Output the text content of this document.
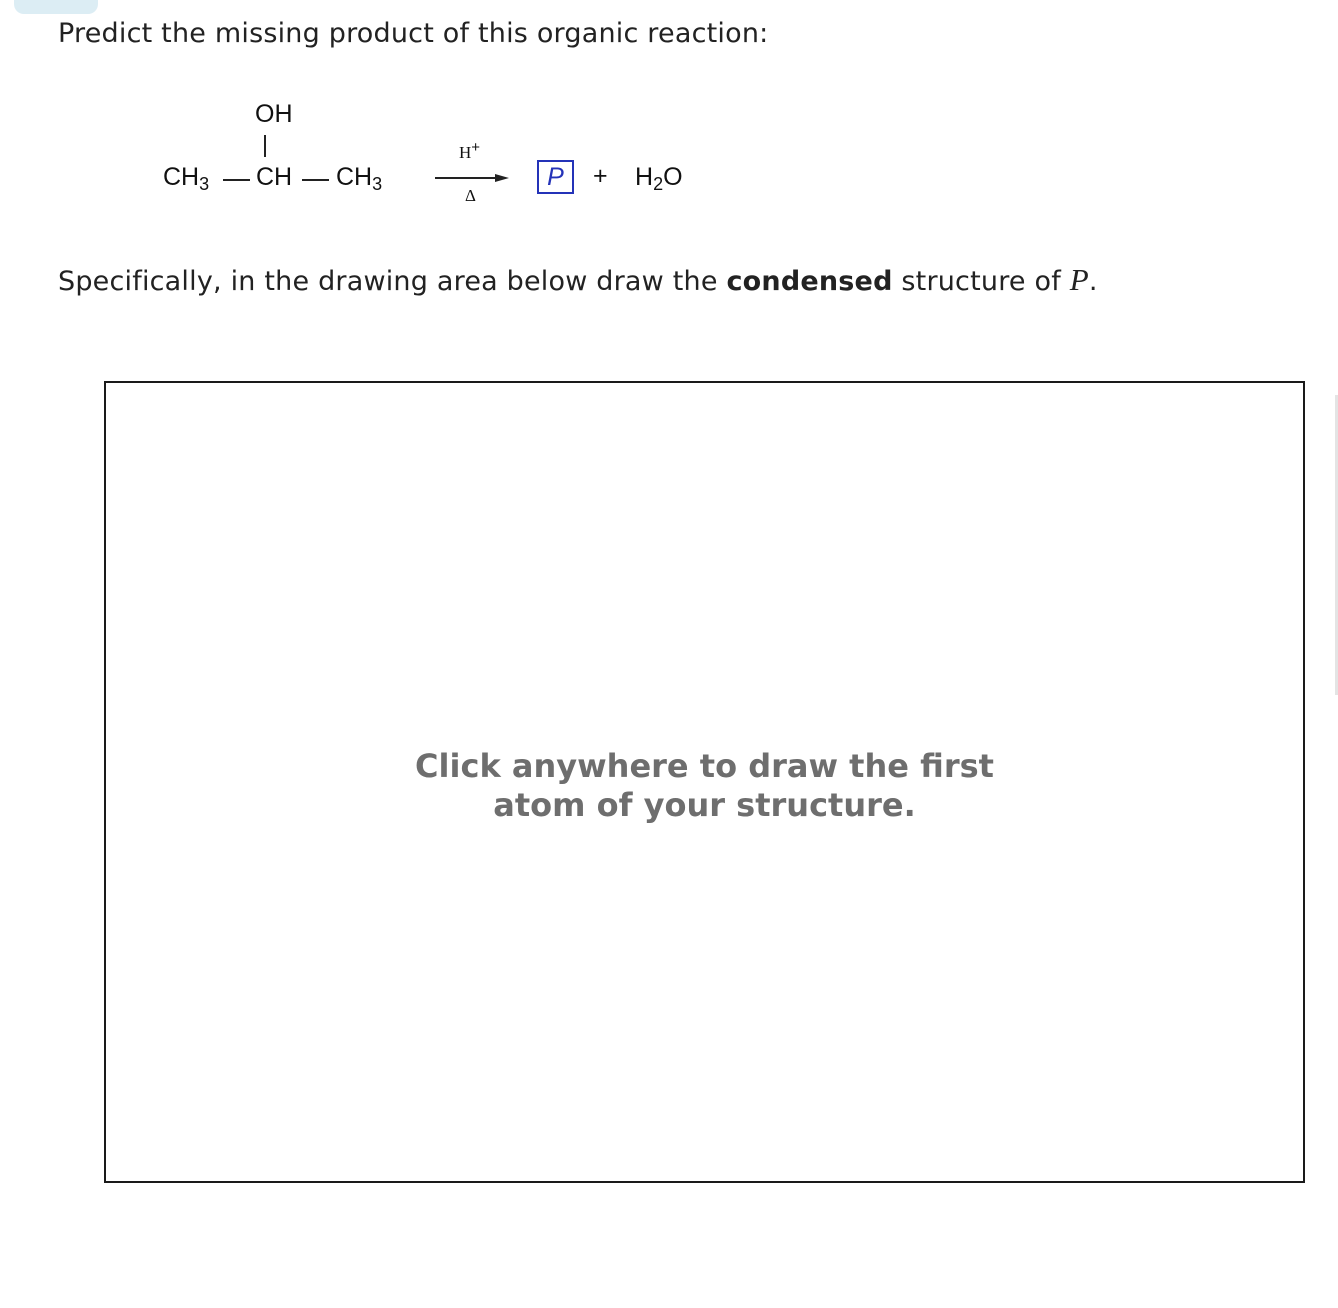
Predict the missing product of this organic reaction:
OH
$CH_3$ CH $CH_3$
H+
Δ
P	+ $H_2O$
Specifically, in the drawing area below draw the condensed structure of P.
Click anywhere to draw the first
atom of your structure.
